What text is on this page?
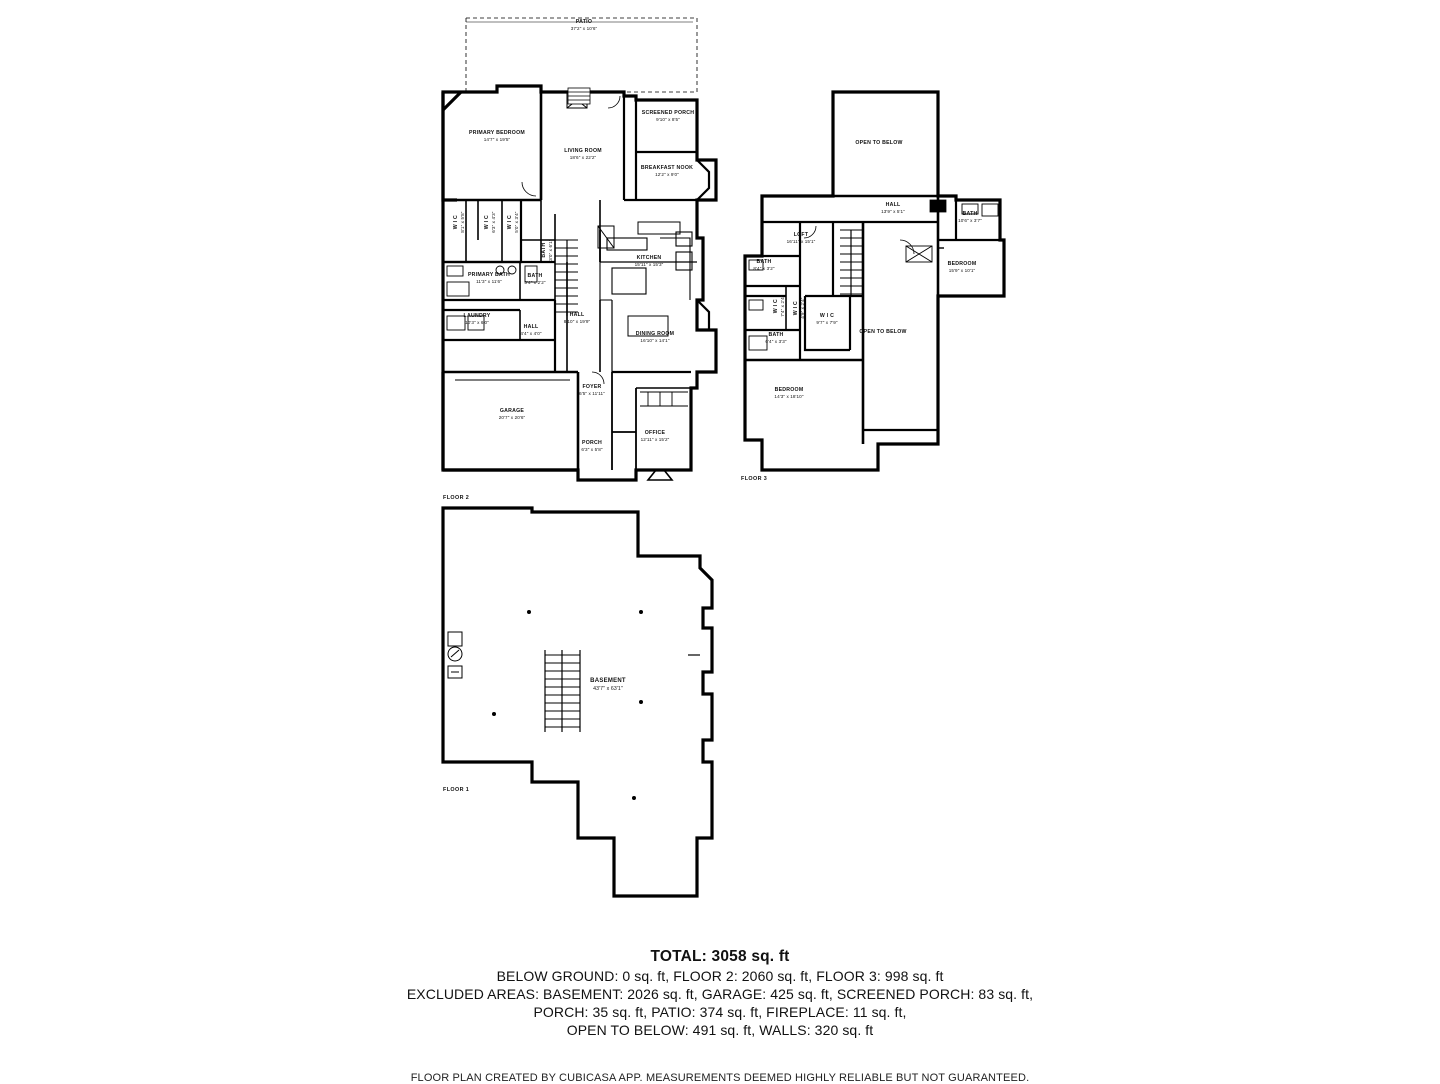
FLOOR 2
FLOOR 3
FLOOR 1
PATIO
37'2" x 10'6"
PRIMARY BEDROOM
14'7" x 19'5"
LIVING ROOM
18'6" x 22'2"
SCREENED PORCH
9'10" x 8'5"
BREAKFAST NOOK
12'2" x 9'0"
KITCHEN
15'11" x 15'3"
W I C 8'1" x 5'8"	W I C 6'3" x 4'3" W I C 5'0" x 3'4"
BATH 3'0" x 6'1"
PRIMARY BATH
11'3" x 11'6"
BATH
5'4" x 2'2"
LAUNDRY
10'3" x 6'0"
HALL
4'4" x 4'0"
HALL
8'10" x 19'9"
DINING ROOM
16'10" x 14'1"
GARAGE
20'7" x 20'6"
FOYER
6'5" x 11'11"
OFFICE
12'11" x 15'2"
PORCH
6'3" x 5'8"
OPEN TO BELOW
HALL
13'9" x 5'1"	BATH
10'6" x 3'7"
LOFT
16'11" x 15'1"
BEDROOM
15'9" x 10'1"
BATH
8'4" x 3'2"
W I C 7'4" x 2'4" W I C 4'9" x 2'4"	W I C
9'7" x 7'9"
BATH
6'4" x 3'3"
OPEN TO BELOW
BEDROOM
14'3" x 18'10"
BASEMENT
43'7" x 63'1"
TOTAL: 3058 sq. ft
BELOW GROUND: 0 sq. ft, FLOOR 2: 2060 sq. ft, FLOOR 3: 998 sq. ft
EXCLUDED AREAS: BASEMENT: 2026 sq. ft, GARAGE: 425 sq. ft, SCREENED PORCH: 83 sq. ft,
PORCH: 35 sq. ft, PATIO: 374 sq. ft, FIREPLACE: 11 sq. ft,
OPEN TO BELOW: 491 sq. ft, WALLS: 320 sq. ft
FLOOR PLAN CREATED BY CUBICASA APP. MEASUREMENTS DEEMED HIGHLY RELIABLE BUT NOT GUARANTEED.
